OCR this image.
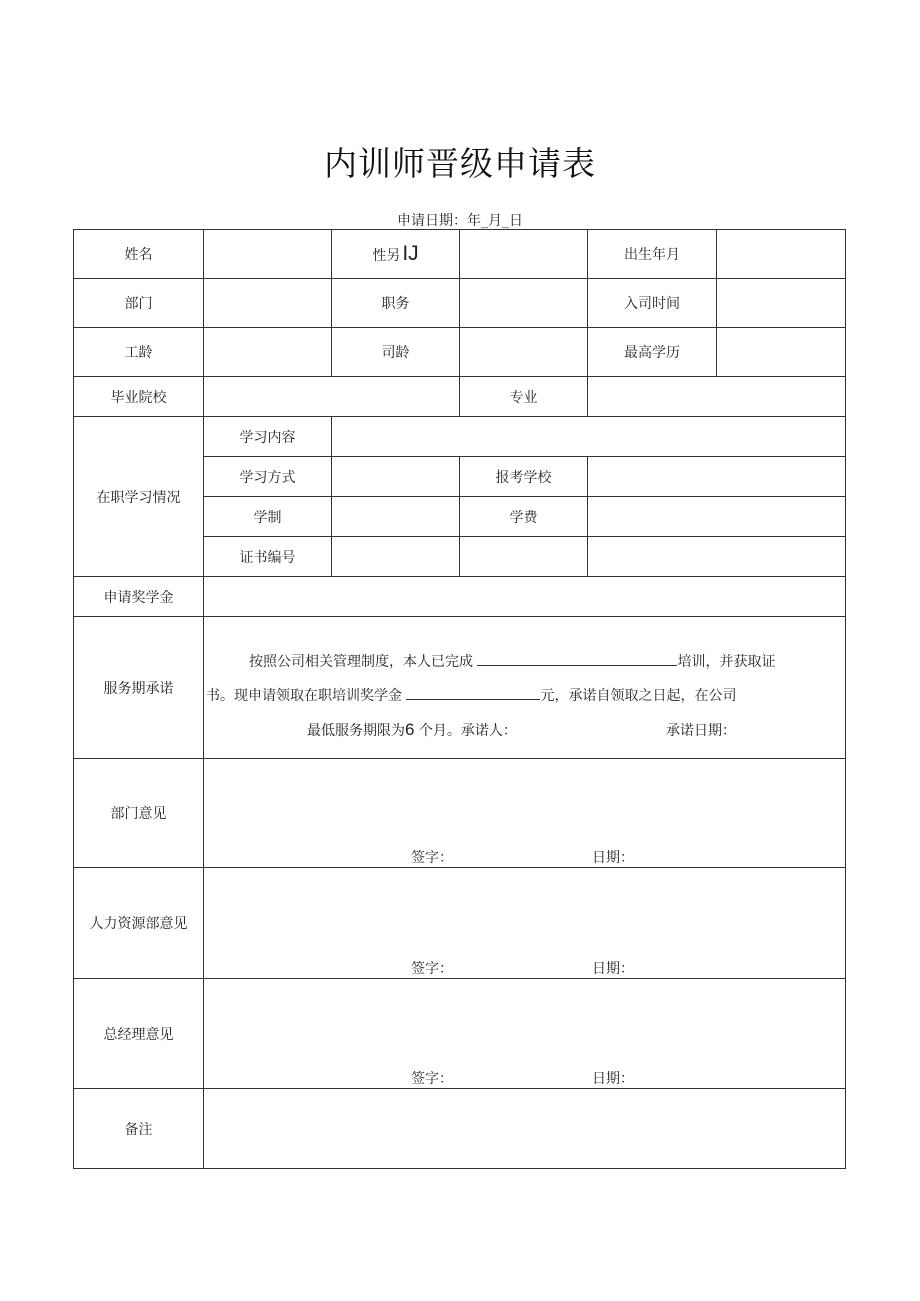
内训师晋级申请表
申请日期：年_月_日
姓名		性另 IJ		出生年月	
部门		职务		入司时间	
工龄		司龄		最高学历	
毕业院校			专业		
在职学习情况	学习内容				
	学习方式		报考学校		
	学制		学费		
	证书编号				
申请奖学金					
服务期承诺	按照公司相关管理制度，本人已完成 培训，并获取证
书。现申请领取在职培训奖学金 元，承诺自领取之日起，在公司
最低服务期限为6 个月。承诺人： 承诺日期：				

部门意见	签字： 日期：				

人力资源部意见	签字： 日期：				

总经理意见	签字： 日期：				

备注					
